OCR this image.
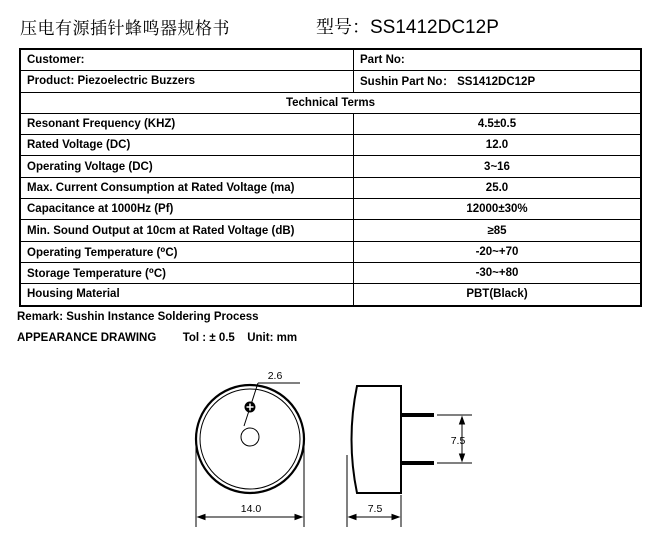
压电有源插针蜂鸣器规格书	型号：SS1412DC12P
Customer:	Part No:
Product: Piezoelectric Buzzers	Sushin Part No： SS1412DC12P
Technical Terms	
Resonant Frequency (KHZ)	4.5±0.5
Rated Voltage (DC)	12.0
Operating Voltage (DC)	3~16
Max. Current Consumption at Rated Voltage (ma)	25.0
Capacitance at 1000Hz (Pf)	12000±30%
Min. Sound Output at 10cm at Rated Voltage (dB)	≥85
Operating Temperature (⁰C)	-20~+70
Storage Temperature (⁰C)	-30~+80
Housing Material	PBT(Black)
Remark: Sushin Instance Soldering Process
APPEARANCE DRAWING Tol : ± 0.5 Unit: mm
2.6
14.0
7.5
7.5
